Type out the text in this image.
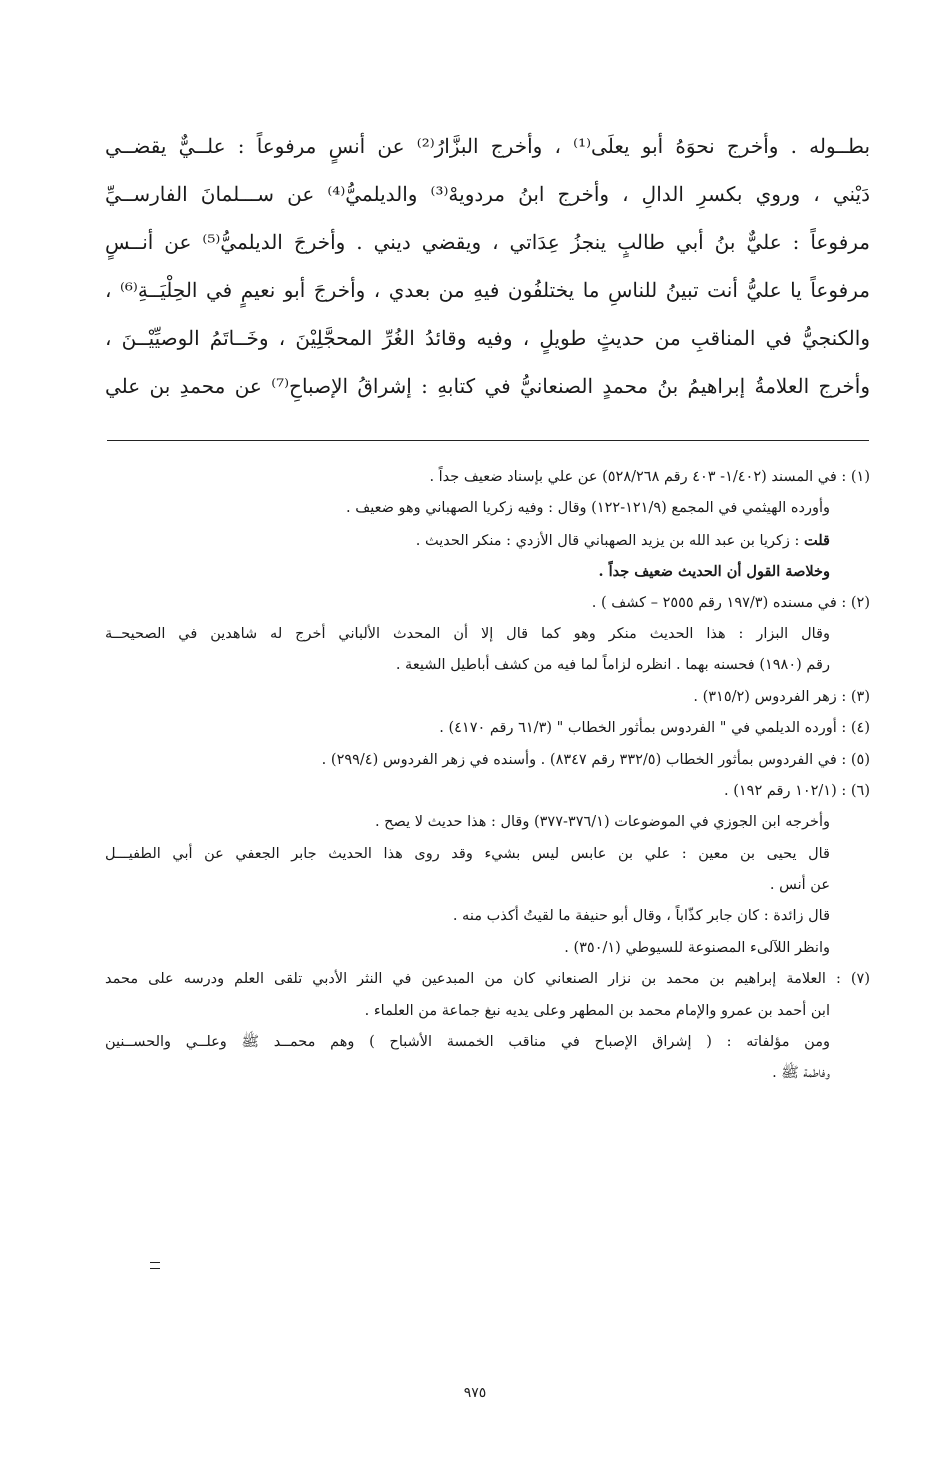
بطــوله . وأخرج نحوَهُ أبو يعلَى⁽¹⁾ ، وأخرج البزَّارُ⁽²⁾ عن أنسٍ مرفوعاً : علــيٌّ يقضــي
دَيْني ، وروي بكسرِ الدالِ ، وأخرج ابنُ مردويهْ⁽³⁾ والديلميُّ⁽⁴⁾ عن ســـلمانَ الفارســيِّ
مرفوعاً : عليٌّ بنُ أبي طالبٍ ينجزُ عِدَاتي ، ويقضي ديني . وأخرجَ الديلميُّ⁽⁵⁾ عن أنــسٍ
مرفوعاً يا عليُّ أنت تبينُ للناسِ ما يختلفُون فيهِ من بعدي ، وأخرجَ أبو نعيمٍ في الحِلْيَــةِ⁽⁶⁾ ،
والكنجيُّ في المناقبِ من حديثٍ طويلٍ ، وفيه وقائدُ الغُرِّ المحجَّلِيْنَ ، وخَــاتَمُ الوصيِّيْــنَ ،
وأخرج العلامةُ إبراهيمُ بنُ محمدٍ الصنعانيُّ في كتابهِ : إشراقُ الإصباحِ⁽⁷⁾ عن محمدِ بن علي
(١) : في المسند (١/٤٠٢- ٤٠٣ رقم ٥٢٨/٢٦٨) عن علي بإسناد ضعيف جداً .
وأورده الهيثمي في المجمع (١٢١/٩-١٢٢) وقال : وفيه زكريا الصهباني وهو ضعيف .
قلت : زكريا بن عبد الله بن يزيد الصهباني قال الأزدي : منكر الحديث .
وخلاصة القول أن الحديث ضعيف جداً .
(٢) : في مسنده (١٩٧/٣ رقم ٢٥٥٥ – كشف ) .
وقال البزار : هذا الحديث منكر وهو كما قال إلا أن المحدث الألباني أخرج له شاهدين في الصحيحــة
رقم (١٩٨٠) فحسنه بهما . انظره لزاماً لما فيه من كشف أباطيل الشيعة .
(٣) : زهر الفردوس (٣١٥/٢) .
(٤) : أورده الديلمي في " الفردوس بمأثور الخطاب " (٦١/٣ رقم ٤١٧٠) .
(٥) : في الفردوس بمأثور الخطاب (٣٣٢/٥ رقم ٨٣٤٧) . وأسنده في زهر الفردوس (٢٩٩/٤) .
(٦) : (١٠٢/١ رقم ١٩٢) .
وأخرجه ابن الجوزي في الموضوعات (٣٧٦/١-٣٧٧) وقال : هذا حديث لا يصح .
قال يحيى بن معين : علي بن عابس ليس بشيء وقد روى هذا الحديث جابر الجعفي عن أبي الطفيـــل
عن أنس .
قال زائدة : كان جابر كذّاباً ، وقال أبو حنيفة ما لقيتُ أكذب منه .
وانظر اللآلىء المصنوعة للسيوطي (٣٥٠/١) .
(٧) : العلامة إبراهيم بن محمد بن نزار الصنعاني كان من المبدعين في النثر الأدبي تلقى العلم ودرسه على محمد
ابن أحمد بن عمرو والإمام محمد بن المطهر وعلى يديه نبغ جماعة من العلماء .
ومن مؤلفاته : ( إشراق الإصباح في مناقب الخمسة الأشباح ) وهم محمــد ﷺ وعلــي والحســنين
وفاطمة ﷺ .
٩٧٥
